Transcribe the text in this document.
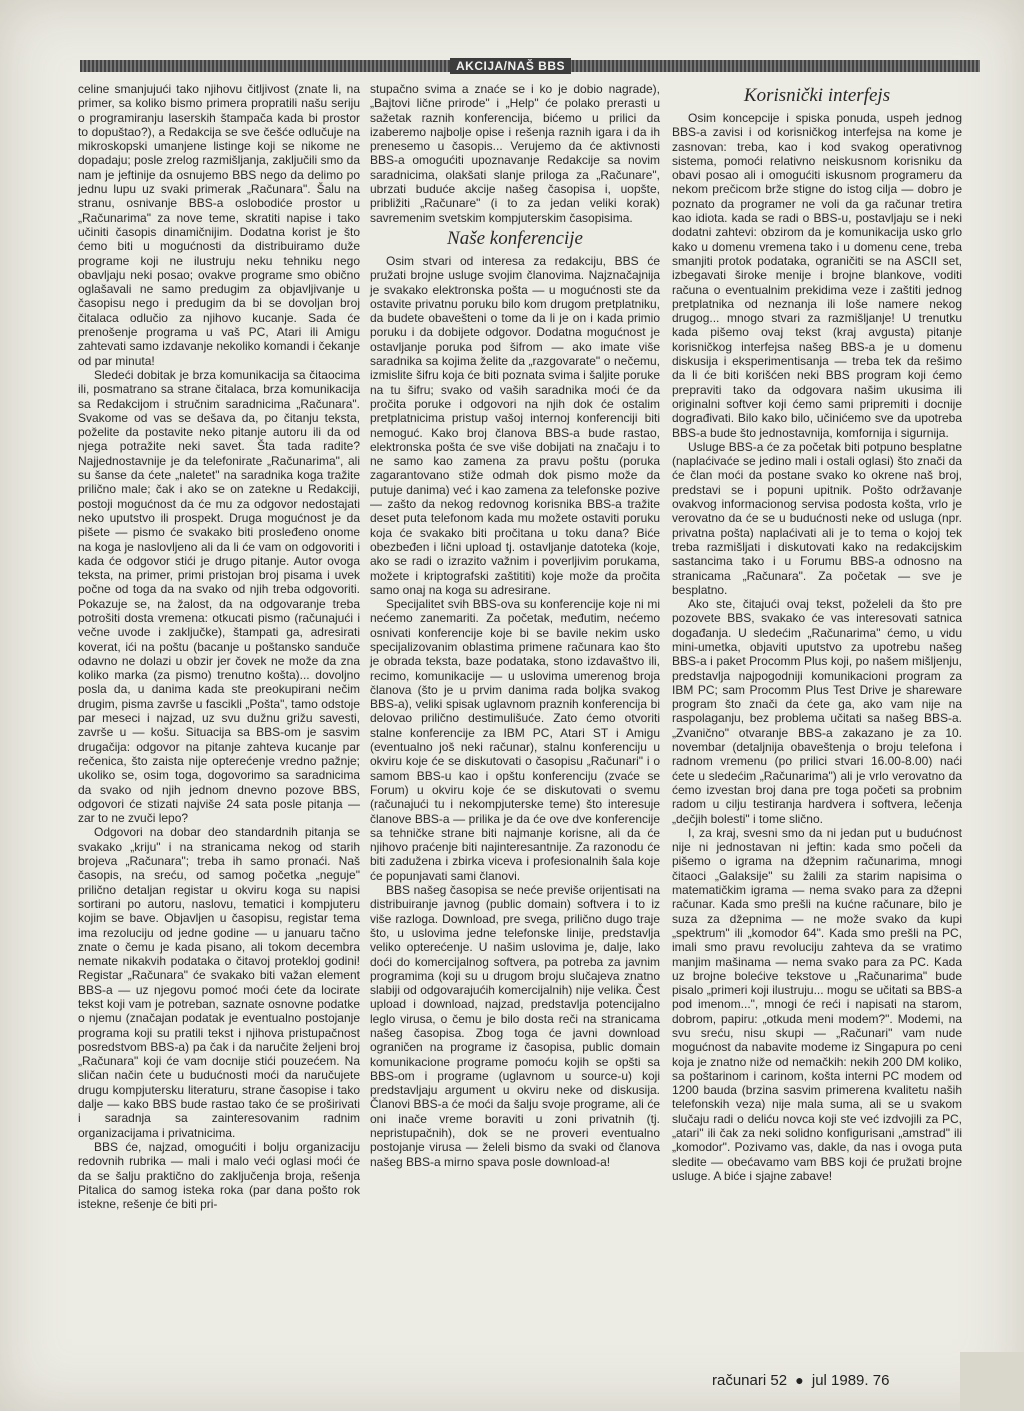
AKCIJA/NAŠ BBS

celine smanjujući tako njihovu čitljivost (znate li, na primer, sa koliko bismo primera propratili našu seriju o programiranju laserskih štampača kada bi prostor to dopuštao?), a Redakcija se sve češće odlučuje na mikroskopski umanjene listinge koji se nikome ne dopadaju; posle zrelog razmišljanja, zaključili smo da nam je jeftinije da osnujemo BBS nego da delimo po jednu lupu uz svaki primerak „Računara". Šalu na stranu, osnivanje BBS-a oslobodiće prostor u „Računarima" za nove teme, skratiti napise i tako učiniti časopis dinamičnijim. Dodatna korist je što ćemo biti u mogućnosti da distribuiramo duže programe koji ne ilustruju neku tehniku nego obavljaju neki posao; ovakve programe smo obično oglašavali ne samo predugim za objavljivanje u časopisu nego i predugim da bi se dovoljan broj čitalaca odlučio za njihovo kucanje. Sada će prenošenje programa u vaš PC, Atari ili Amigu zahtevati samo izdavanje nekoliko komandi i čekanje od par minuta!

Sledeći dobitak je brza komunikacija sa čitaocima ili, posmatrano sa strane čitalaca, brza komunikacija sa Redakcijom i stručnim saradnicima „Računara". Svakome od vas se dešava da, po čitanju teksta, poželite da postavite neko pitanje autoru ili da od njega potražite neki savet. Šta tada radite? Najjednostavnije je da telefonirate „Računarima", ali su šanse da ćete „naletet" na saradnika koga tražite prilično male; čak i ako se on zatekne u Redakciji, postoji mogućnost da će mu za odgovor nedostajati neko uputstvo ili prospekt. Druga mogućnost je da pišete — pismo će svakako biti prosleđeno onome na koga je naslovljeno ali da li će vam on odgovoriti i kada će odgovor stići je drugo pitanje. Autor ovoga teksta, na primer, primi pristojan broj pisama i uvek počne od toga da na svako od njih treba odgovoriti. Pokazuje se, na žalost, da na odgovaranje treba potrošiti dosta vremena: otkucati pismo (računajući i večne uvode i zaključke), štampati ga, adresirati koverat, ići na poštu (bacanje u poštansko sanduče odavno ne dolazi u obzir jer čovek ne može da zna koliko marka (za pismo) trenutno košta)... dovoljno posla da, u danima kada ste preokupirani nečim drugim, pisma završe u fascikli „Pošta", tamo odstoje par meseci i najzad, uz svu dužnu grižu savesti, završe u — košu. Situacija sa BBS-om je sasvim drugačija: odgovor na pitanje zahteva kucanje par rečenica, što zaista nije opterećenje vredno pažnje; ukoliko se, osim toga, dogovorimo sa saradnicima da svako od njih jednom dnevno pozove BBS, odgovori će stizati najviše 24 sata posle pitanja — zar to ne zvuči lepo?

Odgovori na dobar deo standardnih pitanja se svakako „kriju" i na stranicama nekog od starih brojeva „Računara"; treba ih samo pronaći. Naš časopis, na sreću, od samog početka „neguje" prilično detaljan registar u okviru koga su napisi sortirani po autoru, naslovu, tematici i kompjuteru kojim se bave. Objavljen u časopisu, registar tema ima rezoluciju od jedne godine — u januaru tačno znate o čemu je kada pisano, ali tokom decembra nemate nikakvih podataka o čitavoj protekloj godini! Registar „Računara" će svakako biti važan element BBS-a — uz njegovu pomoć moći ćete da locirate tekst koji vam je potreban, saznate osnovne podatke o njemu (značajan podatak je eventualno postojanje programa koji su pratili tekst i njihova pristupačnost posredstvom BBS-a) pa čak i da naručite željeni broj „Računara" koji će vam docnije stići pouzećem. Na sličan način ćete u budućnosti moći da naručujete drugu kompjutersku literaturu, strane časopise i tako dalje — kako BBS bude rastao tako će se proširivati i saradnja sa zainteresovanim radnim organizacijama i privatnicima.

BBS će, najzad, omogućiti i bolju organizaciju redovnih rubrika — mali i malo veći oglasi moći će da se šalju praktično do zaključenja broja, rešenja Pitalica do samog isteka roka (par dana pošto rok istekne, rešenje će biti pri-

stupačno svima a znaće se i ko je dobio nagrade), „Bajtovi lične prirode" i „Help" će polako prerasti u sažetak raznih konferencija, bićemo u prilici da izaberemo najbolje opise i rešenja raznih igara i da ih prenesemo u časopis... Verujemo da će aktivnosti BBS-a omogućiti upoznavanje Redakcije sa novim saradnicima, olakšati slanje priloga za „Računare", ubrzati buduće akcije našeg časopisa i, uopšte, približiti „Računare" (i to za jedan veliki korak) savremenim svetskim kompjuterskim časopisima.

Naše konferencije

Osim stvari od interesa za redakciju, BBS će pružati brojne usluge svojim članovima. Najznačajnija je svakako elektronska pošta — u mogućnosti ste da ostavite privatnu poruku bilo kom drugom pretplatniku, da budete obavešteni o tome da li je on i kada primio poruku i da dobijete odgovor. Dodatna mogućnost je ostavljanje poruka pod šifrom — ako imate više saradnika sa kojima želite da „razgovarate" o nečemu, izmislite šifru koja će biti poznata svima i šaljite poruke na tu šifru; svako od vaših saradnika moći će da pročita poruke i odgovori na njih dok će ostalim pretplatnicima pristup vašoj internoj konferenciji biti nemoguć. Kako broj članova BBS-a bude rastao, elektronska pošta će sve više dobijati na značaju i to ne samo kao zamena za pravu poštu (poruka zagarantovano stiže odmah dok pismo može da putuje danima) već i kao zamena za telefonske pozive — zašto da nekog redovnog korisnika BBS-a tražite deset puta telefonom kada mu možete ostaviti poruku koja će svakako biti pročitana u toku dana? Biće obezbeđen i lični upload tj. ostavljanje datoteka (koje, ako se radi o izrazito važnim i poverljivim porukama, možete i kriptografski zaštititi) koje može da pročita samo onaj na koga su adresirane.

Specijalitet svih BBS-ova su konferencije koje ni mi nećemo zanemariti. Za početak, međutim, nećemo osnivati konferencije koje bi se bavile nekim usko specijalizovanim oblastima primene računara kao što je obrada teksta, baze podataka, stono izdavaštvo ili, recimo, komunikacije — u uslovima umerenog broja članova (što je u prvim danima rada boljka svakog BBS-a), veliki spisak uglavnom praznih konferencija bi delovao prilično destimulišuće. Zato ćemo otvoriti stalne konferencije za IBM PC, Atari ST i Amigu (eventualno još neki računar), stalnu konferenciju u okviru koje će se diskutovati o časopisu „Računari" i o samom BBS-u kao i opštu konferenciju (zvaće se Forum) u okviru koje će se diskutovati o svemu (računajući tu i nekompjuterske teme) što interesuje članove BBS-a — prilika je da će ove dve konferencije sa tehničke strane biti najmanje korisne, ali da će njihovo praćenje biti najinteresantnije. Za razonodu će biti zadužena i zbirka viceva i profesionalnih šala koje će popunjavati sami članovi.

BBS našeg časopisa se neće previše orijentisati na distribuiranje javnog (public domain) softvera i to iz više razloga. Download, pre svega, prilično dugo traje što, u uslovima jedne telefonske linije, predstavlja veliko opterećenje. U našim uslovima je, dalje, lako doći do komercijalnog softvera, pa potreba za javnim programima (koji su u drugom broju slučajeva znatno slabiji od odgovarajućih komercijalnih) nije velika. Čest upload i download, najzad, predstavlja potencijalno leglo virusa, o čemu je bilo dosta reči na stranicama našeg časopisa. Zbog toga će javni download ograničen na programe iz časopisa, public domain komunikacione programe pomoću kojih se opšti sa BBS-om i programe (uglavnom u source-u) koji predstavljaju argument u okviru neke od diskusija. Članovi BBS-a će moći da šalju svoje programe, ali će oni inače vreme boraviti u zoni privatnih (tj. nepristupačnih), dok se ne proveri eventualno postojanje virusa — želeli bismo da svaki od članova našeg BBS-a mirno spava posle download-a!

Korisnički interfejs

Osim koncepcije i spiska ponuda, uspeh jednog BBS-a zavisi i od korisničkog interfejsa na kome je zasnovan: treba, kao i kod svakog operativnog sistema, pomoći relativno neiskusnom korisniku da obavi posao ali i omogućiti iskusnom programeru da nekom prečicom brže stigne do istog cilja — dobro je poznato da programer ne voli da ga računar tretira kao idiota. kada se radi o BBS-u, postavljaju se i neki dodatni zahtevi: obzirom da je komunikacija usko grlo kako u domenu vremena tako i u domenu cene, treba smanjiti protok podataka, ograničiti se na ASCII set, izbegavati široke menije i brojne blankove, voditi računa o eventualnim prekidima veze i zaštiti jednog pretplatnika od neznanja ili loše namere nekog drugog... mnogo stvari za razmišljanje! U trenutku kada pišemo ovaj tekst (kraj avgusta) pitanje korisničkog interfejsa našeg BBS-a je u domenu diskusija i eksperimentisanja — treba tek da rešimo da li će biti korišćen neki BBS program koji ćemo prepraviti tako da odgovara našim ukusima ili originalni softver koji ćemo sami pripremiti i docnije dograđivati. Bilo kako bilo, učinićemo sve da upotreba BBS-a bude što jednostavnija, komfornija i sigurnija.

Usluge BBS-a će za početak biti potpuno besplatne (naplaćivaće se jedino mali i ostali oglasi) što znači da će član moći da postane svako ko okrene naš broj, predstavi se i popuni upitnik. Pošto održavanje ovakvog informacionog servisa podosta košta, vrlo je verovatno da će se u budućnosti neke od usluga (npr. privatna pošta) naplaćivati ali je to tema o kojoj tek treba razmišljati i diskutovati kako na redakcijskim sastancima tako i u Forumu BBS-a odnosno na stranicama „Računara". Za početak — sve je besplatno.

Ako ste, čitajući ovaj tekst, poželeli da što pre pozovete BBS, svakako će vas interesovati satnica događanja. U sledećim „Računarima" ćemo, u vidu mini-umetka, objaviti uputstvo za upotrebu našeg BBS-a i paket Procomm Plus koji, po našem mišljenju, predstavlja najpogodniji komunikacioni program za IBM PC; sam Procomm Plus Test Drive je shareware program što znači da ćete ga, ako vam nije na raspolaganju, bez problema učitati sa našeg BBS-a. „Zvanično" otvaranje BBS-a zakazano je za 10. novembar (detaljnija obaveštenja o broju telefona i radnom vremenu (po prilici stvari 16.00-8.00) naći ćete u sledećim „Računarima") ali je vrlo verovatno da ćemo izvestan broj dana pre toga početi sa probnim radom u cilju testiranja hardvera i softvera, lečenja „dečjih bolesti" i tome slično.

I, za kraj, svesni smo da ni jedan put u budućnost nije ni jednostavan ni jeftin: kada smo počeli da pišemo o igrama na džepnim računarima, mnogi čitaoci „Galaksije" su žalili za starim napisima o matematičkim igrama — nema svako para za džepni računar. Kada smo prešli na kućne računare, bilo je suza za džepnima — ne može svako da kupi „spektrum" ili „komodor 64". Kada smo prešli na PC, imali smo pravu revoluciju zahteva da se vratimo manjim mašinama — nema svako para za PC. Kada uz brojne bolećive tekstove u „Računarima" bude pisalo „primeri koji ilustruju... mogu se učitati sa BBS-a pod imenom...", mnogi će reći i napisati na starom, dobrom, papiru: „otkuda meni modem?". Modemi, na svu sreću, nisu skupi — „Računari" vam nude mogućnost da nabavite modeme iz Singapura po ceni koja je znatno niže od nemačkih: nekih 200 DM koliko, sa poštarinom i carinom, košta interni PC modem od 1200 bauda (brzina sasvim primerena kvalitetu naših telefonskih veza) nije mala suma, ali se u svakom slučaju radi o deliću novca koji ste već izdvojili za PC, „atari" ili čak za neki solidno konfigurisani „amstrad" ili „komodor". Pozivamo vas, dakle, da nas i ovoga puta sledite — obećavamo vam BBS koji će pružati brojne usluge. A biće i sjajne zabave!

računari 52 ● jul 1989. 76
